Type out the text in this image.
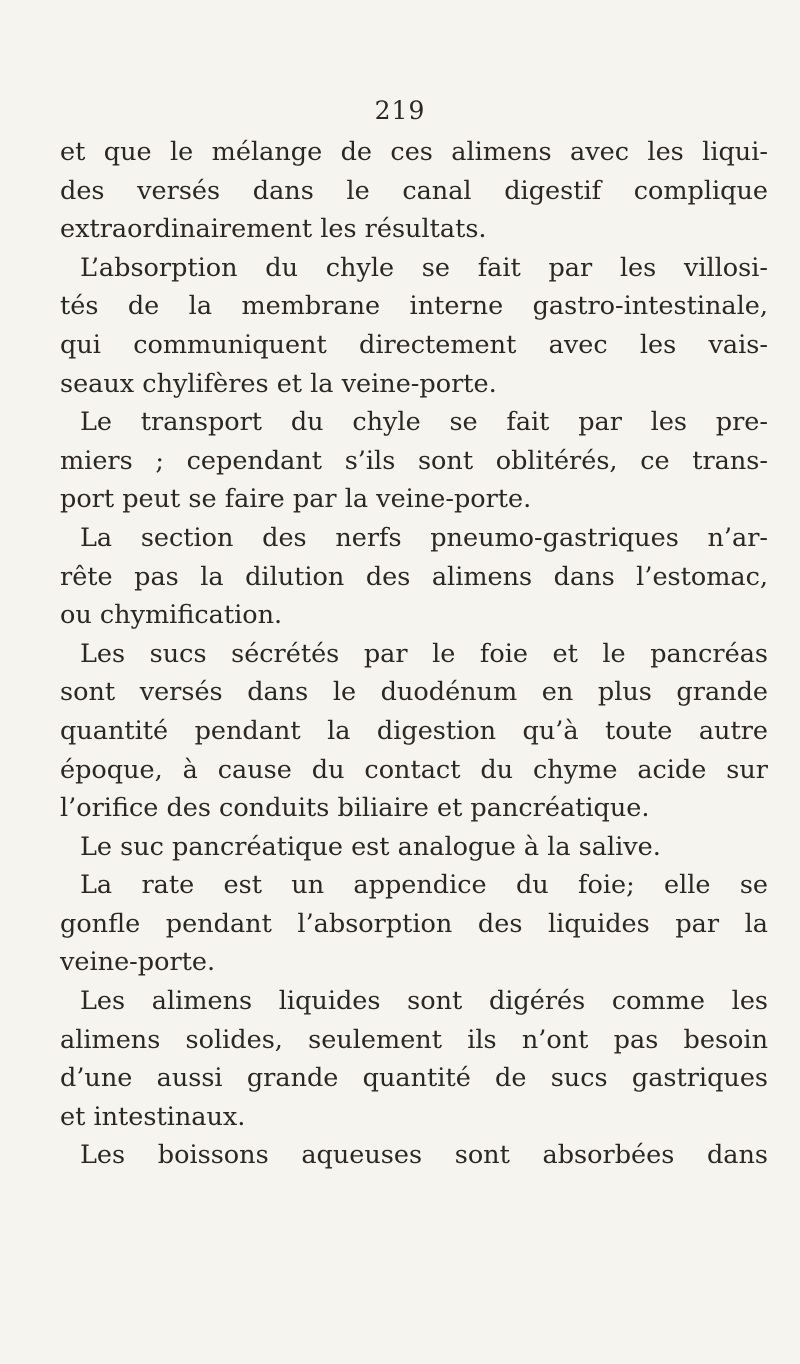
219
et que le mélange de ces alimens avec les liqui-
des versés dans le canal digestif complique
extraordinairement les résultats.
L’absorption du chyle se fait par les villosi-
tés de la membrane interne gastro-intestinale,
qui communiquent directement avec les vais-
seaux chylifères et la veine-porte.
Le transport du chyle se fait par les pre-
miers ; cependant s’ils sont oblitérés, ce trans-
port peut se faire par la veine-porte.
La section des nerfs pneumo-gastriques n’ar-
rête pas la dilution des alimens dans l’estomac,
ou chymification.
Les sucs sécrétés par le foie et le pancréas
sont versés dans le duodénum en plus grande
quantité pendant la digestion qu’à toute autre
époque, à cause du contact du chyme acide sur
l’orifice des conduits biliaire et pancréatique.
Le suc pancréatique est analogue à la salive.
La rate est un appendice du foie; elle se
gonfle pendant l’absorption des liquides par la
veine-porte.
Les alimens liquides sont digérés comme les
alimens solides, seulement ils n’ont pas besoin
d’une aussi grande quantité de sucs gastriques
et intestinaux.
Les boissons aqueuses sont absorbées dans
